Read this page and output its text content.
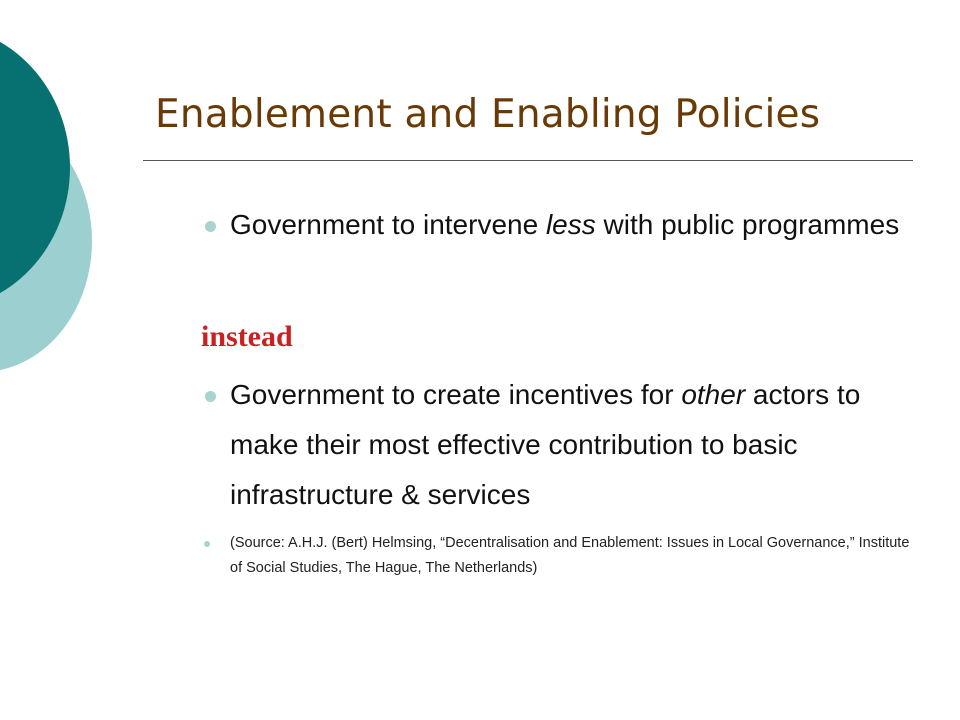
Enablement and Enabling Policies
Government to intervene less with public programmes
instead
Government to create incentives for other actors to make their most effective contribution to basic infrastructure & services
(Source: A.H.J. (Bert) Helmsing, “Decentralisation and Enablement: Issues in Local Governance,” Institute of Social Studies, The Hague, The Netherlands)
